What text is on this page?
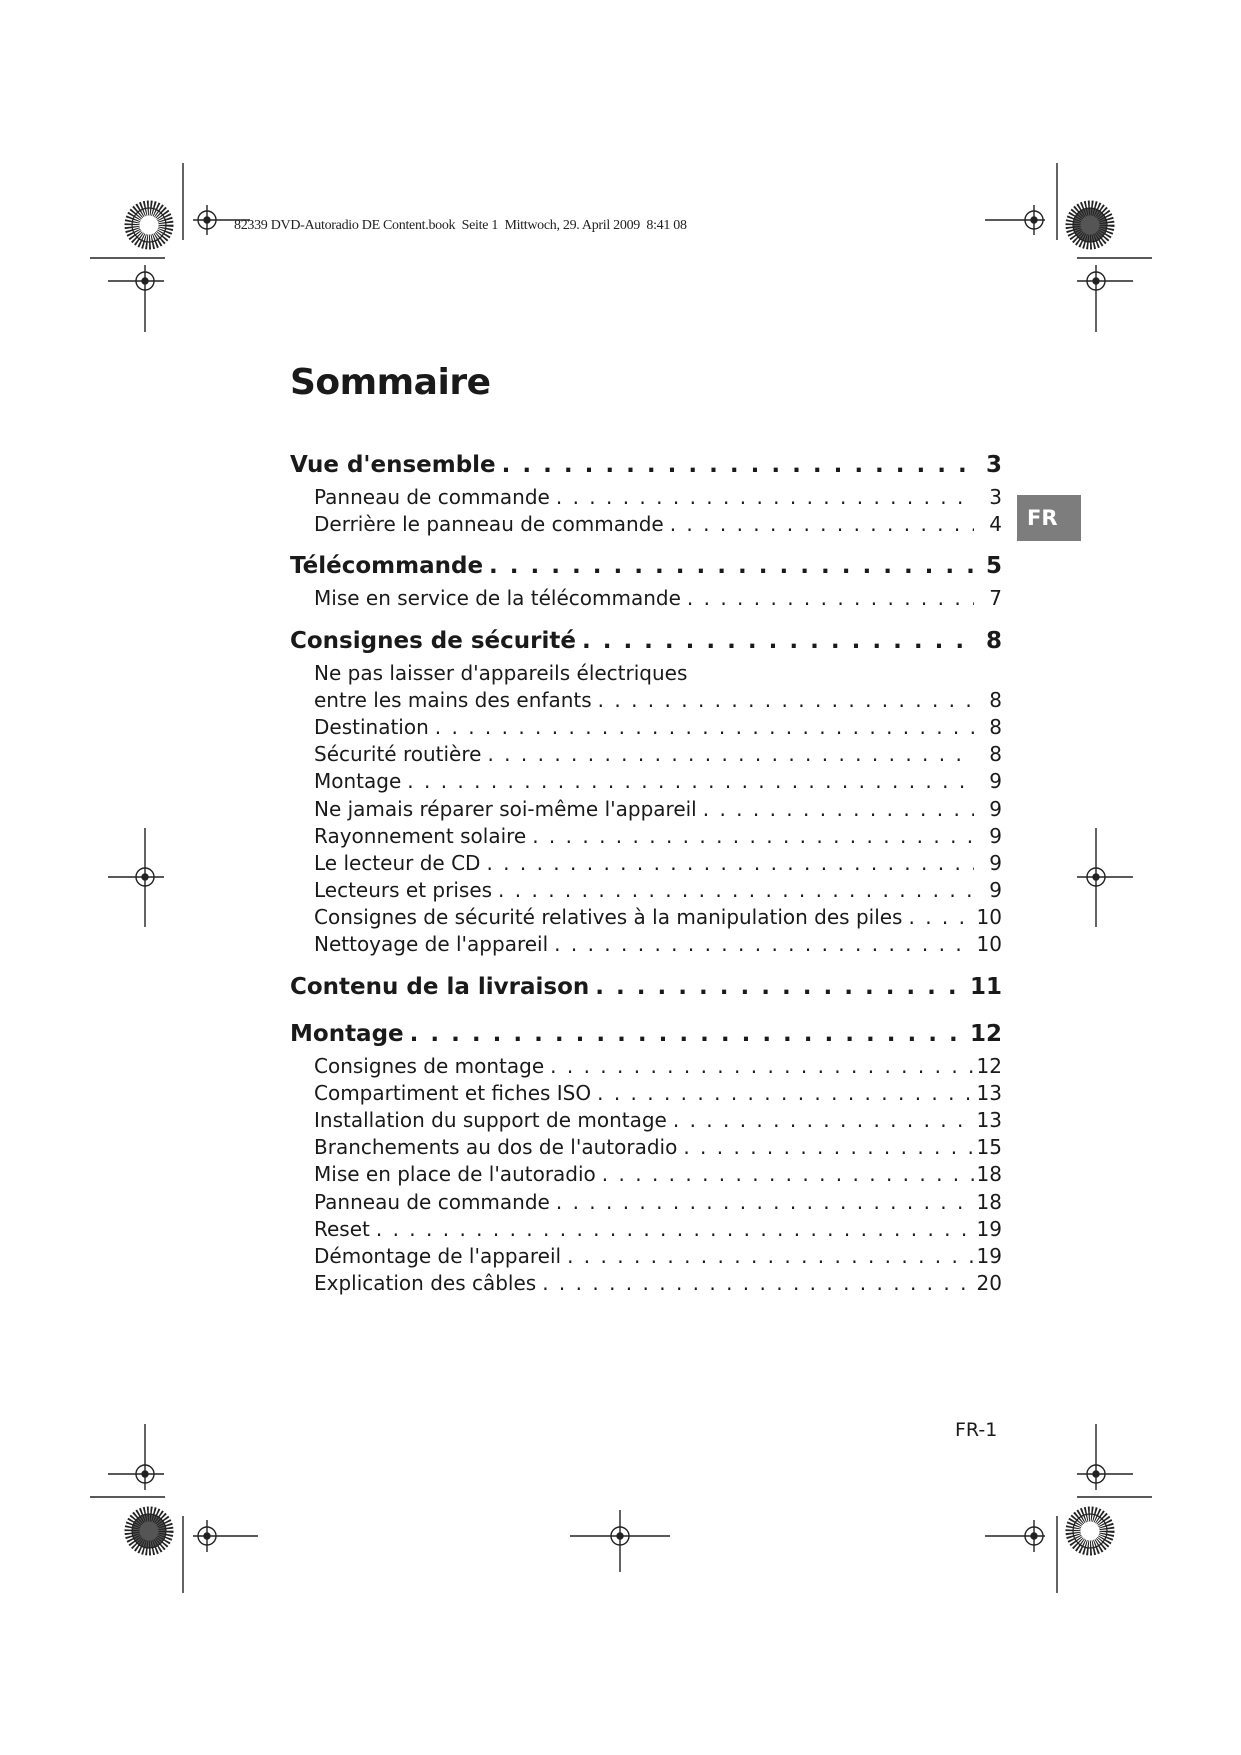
82339 DVD-Autoradio DE Content.book  Seite 1  Mittwoch, 29. April 2009  8:41 08
Sommaire
FR
Vue d'ensemble . . .	3
Panneau de commande . . .	3
Derrière le panneau de commande . . .	4
Télécommande . . .	5
Mise en service de la télécommande . . .	7
Consignes de sécurité . . .	8
Ne pas laisser d'appareils électriques
entre les mains des enfants . . .	8
Destination . . .	8
Sécurité routière . . .	8
Montage . . .	9
Ne jamais réparer soi-même l'appareil . . .	9
Rayonnement solaire . . .	9
Le lecteur de CD . . .	9
Lecteurs et prises . . .	9
Consignes de sécurité relatives à la manipulation des piles . . .	10
Nettoyage de l'appareil . . .	10
Contenu de la livraison . . .	11
Montage . . .	12
Consignes de montage . . .	12
Compartiment et fiches ISO . . .	13
Installation du support de montage . . .	13
Branchements au dos de l'autoradio . . .	15
Mise en place de l'autoradio . . .	18
Panneau de commande . . .	18
Reset . . .	19
Démontage de l'appareil . . .	19
Explication des câbles . . .	20
FR-1
